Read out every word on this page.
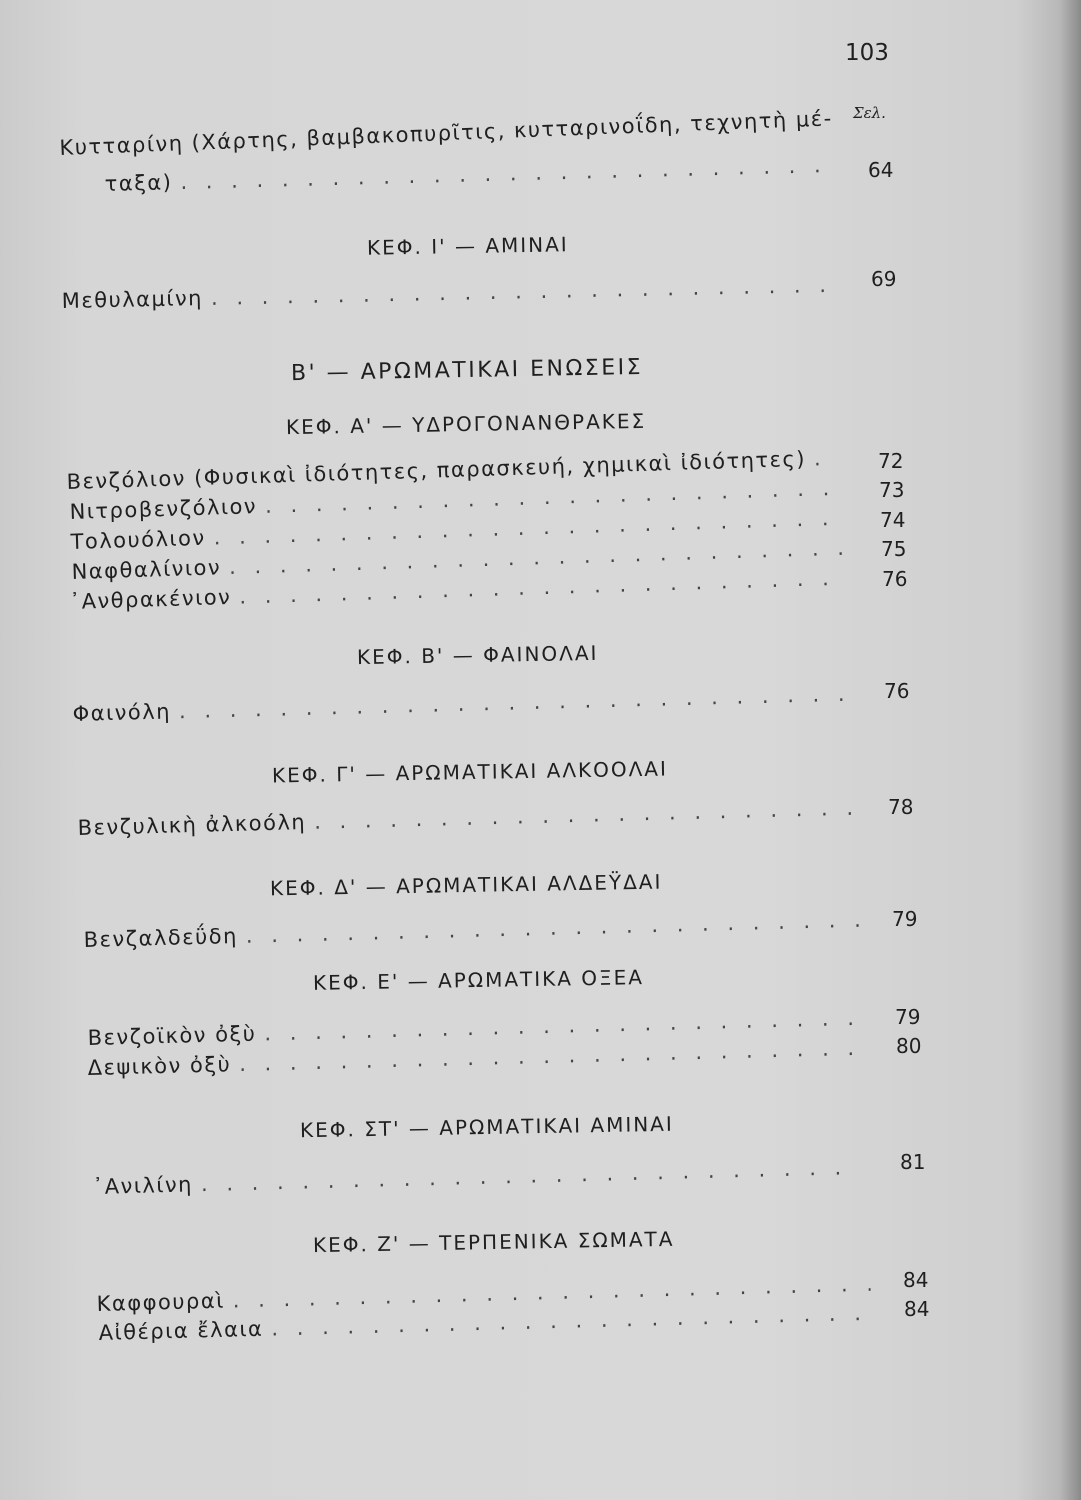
103
Σελ.
Κυτταρίνη (Χάρτης, βαμβακοπυρῖτις, κυτταρινοΐδη, τεχνητὴ μέ-
ταξα)
. . .
64
ΚΕΦ. Ι' — ΑΜΙΝΑΙ
Μεθυλαμίνη
. . .
69
Β' — ΑΡΩΜΑΤΙΚΑΙ ΕΝΩΣΕΙΣ
ΚΕΦ. Α' — ΥΔΡΟΓΟΝΑΝΘΡΑΚΕΣ
Βενζόλιον (Φυσικαὶ ἰδιότητες, παρασκευή, χημικαὶ ἰδιότητες)
. . .	72
Νιτροβενζόλιον
. . .
73
Τολουόλιον
. . .
74
Ναφθαλίνιον
. . .
75
᾿Ανθρακένιον
. . .
76
ΚΕΦ. Β' — ΦΑΙΝΟΛΑΙ
Φαινόλη
. . .
76
ΚΕΦ. Γ' — ΑΡΩΜΑΤΙΚΑΙ ΑΛΚΟΟΛΑΙ
Βενζυλικὴ ἀλκοόλη
. . .
78
ΚΕΦ. Δ' — ΑΡΩΜΑΤΙΚΑΙ ΑΛΔΕΫΔΑΙ
Βενζαλδεΰδη
. . .
79
ΚΕΦ. Ε' — ΑΡΩΜΑΤΙΚΑ ΟΞΕΑ
Βενζοϊκὸν ὀξὺ
. . .
79
Δεψικὸν ὀξὺ
. . .
80
ΚΕΦ. ΣΤ' — ΑΡΩΜΑΤΙΚΑΙ ΑΜΙΝΑΙ
᾿Ανιλίνη
. . .
81
ΚΕΦ. Ζ' — ΤΕΡΠΕΝΙΚΑ ΣΩΜΑΤΑ
Καφφουραὶ
. . .
84
Αἰθέρια ἔλαια
. . .
84
